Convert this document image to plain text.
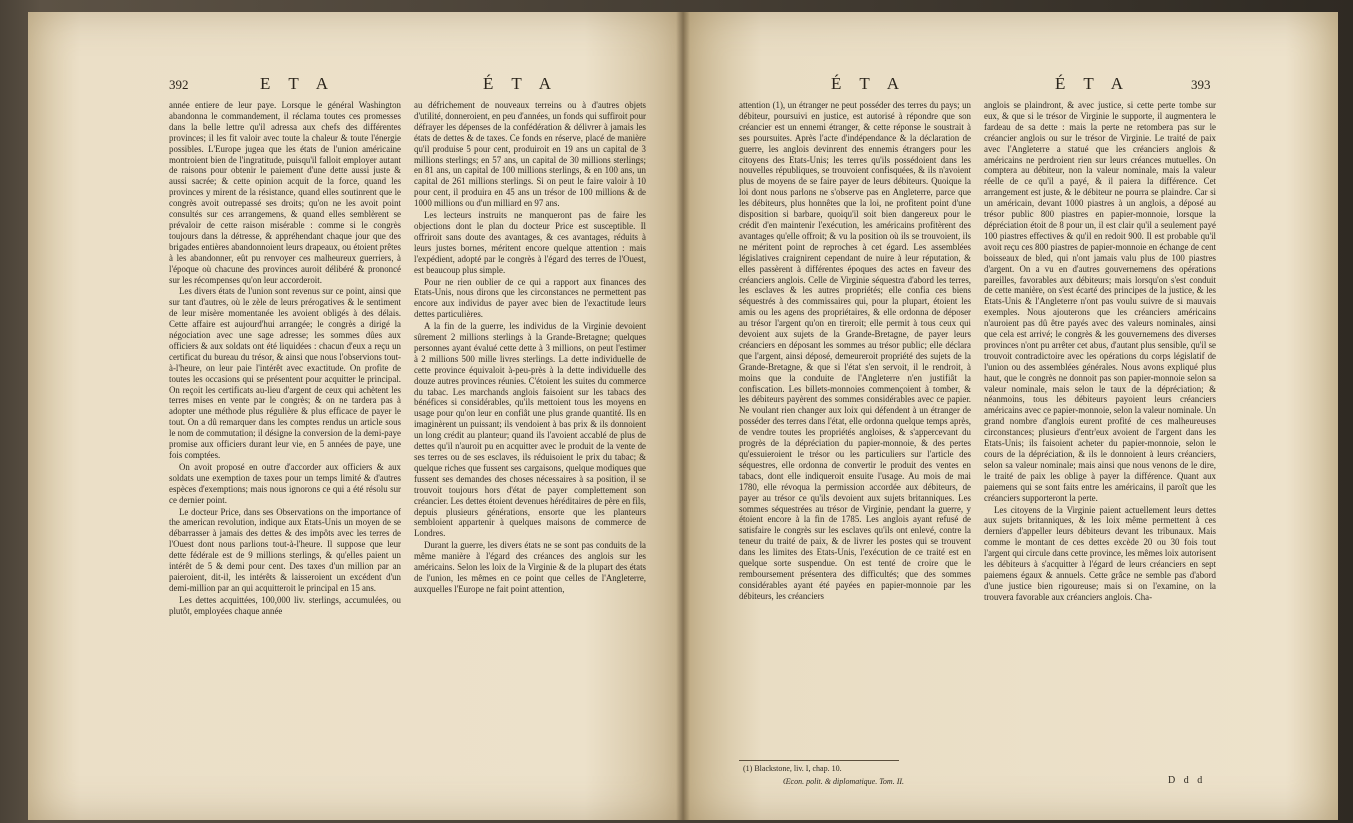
392	E T A	É T A

année entiere de leur paye. Lorsque le général Washington abandonna le commandement, il réclama toutes ces promesses dans la belle lettre qu'il adressa aux chefs des différentes provinces; il les fit valoir avec toute la chaleur & toute l'énergie possibles. L'Europe jugea que les états de l'union américaine montroient bien de l'ingratitude, puisqu'il falloit employer autant de raisons pour obtenir le paiement d'une dette aussi juste & aussi sacrée; & cette opinion acquit de la force, quand les provinces y mirent de la résistance, quand elles soutinrent que le congrès avoit outrepassé ses droits; qu'on ne les avoit point consultés sur ces arrangemens, & quand elles semblèrent se prévaloir de cette raison misérable : comme si le congrès toujours dans la détresse, & appréhendant chaque jour que des brigades entières abandonnoient leurs drapeaux, ou étoient prêtes à les abandonner, eût pu renvoyer ces malheureux guerriers, à l'époque où chacune des provinces auroit délibéré & prononcé sur les récompenses qu'on leur accorderoit.

Les divers états de l'union sont revenus sur ce point, ainsi que sur tant d'autres, où le zèle de leurs prérogatives & le sentiment de leur misère momentanée les avoient obligés à des délais. Cette affaire est aujourd'hui arrangée; le congrès a dirigé la négociation avec une sage adresse; les sommes dûes aux officiers & aux soldats ont été liquidées : chacun d'eux a reçu un certificat du bureau du trésor, & ainsi que nous l'observions tout-à-l'heure, on leur paie l'intérêt avec exactitude. On profite de toutes les occasions qui se présentent pour acquitter le principal. On reçoit les certificats au-lieu d'argent de ceux qui achètent les terres mises en vente par le congrès; & on ne tardera pas à adopter une méthode plus régulière & plus efficace de payer le tout. On a dû remarquer dans les comptes rendus un article sous le nom de commutation; il désigne la conversion de la demi-paye promise aux officiers durant leur vie, en 5 années de paye, une fois comptées.

On avoit proposé en outre d'accorder aux officiers & aux soldats une exemption de taxes pour un temps limité & d'autres espèces d'exemptions; mais nous ignorons ce qui a été résolu sur ce dernier point.

Le docteur Price, dans ses Observations on the importance of the american revolution, indique aux Etats-Unis un moyen de se débarrasser à jamais des dettes & des impôts avec les terres de l'Ouest dont nous parlions tout-à-l'heure. Il suppose que leur dette fédérale est de 9 millions sterlings, & qu'elles paient un intérêt de 5 & demi pour cent. Des taxes d'un million par an paieroient, dit-il, les intérêts & laisseroient un excédent d'un demi-million par an qui acquitteroit le principal en 15 ans.

Les dettes acquittées, 100,000 liv. sterlings, accumulées, ou plutôt, employées chaque année

au défrichement de nouveaux terreins ou à d'autres objets d'utilité, donneroient, en peu d'années, un fonds qui suffiroit pour défrayer les dépenses de la confédération & délivrer à jamais les états de dettes & de taxes. Ce fonds en réserve, placé de manière qu'il produise 5 pour cent, produiroit en 19 ans un capital de 3 millions sterlings; en 57 ans, un capital de 30 millions sterlings; en 81 ans, un capital de 100 millions sterlings, & en 100 ans, un capital de 261 millions sterlings. Si on peut le faire valoir à 10 pour cent, il produira en 45 ans un trésor de 100 millions & de 1000 millions ou d'un milliard en 97 ans.

Les lecteurs instruits ne manqueront pas de faire les objections dont le plan du docteur Price est susceptible. Il offriroit sans doute des avantages, & ces avantages, réduits à leurs justes bornes, méritent encore quelque attention : mais l'expédient, adopté par le congrès à l'égard des terres de l'Ouest, est beaucoup plus simple.

Pour ne rien oublier de ce qui a rapport aux finances des Etats-Unis, nous dirons que les circonstances ne permettent pas encore aux individus de payer avec bien de l'exactitude leurs dettes particulières.

A la fin de la guerre, les individus de la Virginie devoient sûrement 2 millions sterlings à la Grande-Bretagne; quelques personnes ayant évalué cette dette à 3 millions, on peut l'estimer à 2 millions 500 mille livres sterlings. La dette individuelle de cette province équivaloit à-peu-près à la dette individuelle des douze autres provinces réunies. C'étoient les suites du commerce du tabac. Les marchands anglois faisoient sur les tabacs des bénéfices si considérables, qu'ils mettoient tous les moyens en usage pour qu'on leur en confiât une plus grande quantité. Ils en imaginèrent un puissant; ils vendoient à bas prix & ils donnoient un long crédit au planteur; quand ils l'avoient accablé de plus de dettes qu'il n'auroit pu en acquitter avec le produit de la vente de ses terres ou de ses esclaves, ils réduisoient le prix du tabac; & quelque riches que fussent ses cargaisons, quelque modiques que fussent ses demandes des choses nécessaires à sa position, il se trouvoit toujours hors d'état de payer complettement son créancier. Les dettes étoient devenues héréditaires de père en fils, depuis plusieurs générations, ensorte que les planteurs sembloient appartenir à quelques maisons de commerce de Londres.

Durant la guerre, les divers états ne se sont pas conduits de la même manière à l'égard des créances des anglois sur les américains. Selon les loix de la Virginie & de la plupart des états de l'union, les mêmes en ce point que celles de l'Angleterre, auxquelles l'Europe ne fait point attention,

É T A	É T A	393

attention (1), un étranger ne peut posséder des terres du pays; un débiteur, poursuivi en justice, est autorisé à répondre que son créancier est un ennemi étranger, & cette réponse le soustrait à ses poursuites. Après l'acte d'indépendance & la déclaration de guerre, les anglois devinrent des ennemis étrangers pour les citoyens des Etats-Unis; les terres qu'ils possédoient dans les nouvelles républiques, se trouvoient confisquées, & ils n'avoient plus de moyens de se faire payer de leurs débiteurs. Quoique la loi dont nous parlons ne s'observe pas en Angleterre, parce que les débiteurs, plus honnêtes que la loi, ne profitent point d'une disposition si barbare, quoiqu'il soit bien dangereux pour le crédit d'en maintenir l'exécution, les américains profitèrent des avantages qu'elle offroit; & vu la position où ils se trouvoient, ils ne méritent point de reproches à cet égard. Les assemblées législatives craignirent cependant de nuire à leur réputation, & elles passèrent à différentes époques des actes en faveur des créanciers anglois. Celle de Virginie séquestra d'abord les terres, les esclaves & les autres propriétés; elle confia ces biens séquestrés à des commissaires qui, pour la plupart, étoient les amis ou les agens des propriétaires, & elle ordonna de déposer au trésor l'argent qu'on en tireroit; elle permit à tous ceux qui devoient aux sujets de la Grande-Bretagne, de payer leurs créanciers en déposant les sommes au trésor public; elle déclara que l'argent, ainsi déposé, demeureroit propriété des sujets de la Grande-Bretagne, & que si l'état s'en servoit, il le rendroit, à moins que la conduite de l'Angleterre n'en justifiât la confiscation. Les billets-monnoies commençoient à tomber, & les débiteurs payèrent des sommes considérables avec ce papier. Ne voulant rien changer aux loix qui défendent à un étranger de posséder des terres dans l'état, elle ordonna quelque temps après, de vendre toutes les propriétés angloises, & s'appercevant du progrès de la dépréciation du papier-monnoie, & des pertes qu'essuieroient le trésor ou les particuliers sur l'article des séquestres, elle ordonna de convertir le produit des ventes en tabacs, dont elle indiqueroit ensuite l'usage. Au mois de mai 1780, elle révoqua la permission accordée aux débiteurs, de payer au trésor ce qu'ils devoient aux sujets britanniques. Les sommes séquestrées au trésor de Virginie, pendant la guerre, y étoient encore à la fin de 1785. Les anglois ayant refusé de satisfaire le congrès sur les esclaves qu'ils ont enlevé, contre la teneur du traité de paix, & de livrer les postes qui se trouvent dans les limites des Etats-Unis, l'exécution de ce traité est en quelque sorte suspendue. On est tenté de croire que le remboursement présentera des difficultés; que des sommes considérables ayant été payées en papier-monnoie par les débiteurs, les créanciers

anglois se plaindront, & avec justice, si cette perte tombe sur eux, & que si le trésor de Virginie le supporte, il augmentera le fardeau de sa dette : mais la perte ne retombera pas sur le créancier anglois ou sur le trésor de Virginie. Le traité de paix avec l'Angleterre a statué que les créanciers anglois & américains ne perdroient rien sur leurs créances mutuelles. On comptera au débiteur, non la valeur nominale, mais la valeur réelle de ce qu'il a payé, & il paiera la différence. Cet arrangement est juste, & le débiteur ne pourra se plaindre. Car si un américain, devant 1000 piastres à un anglois, a déposé au trésor public 800 piastres en papier-monnoie, lorsque la dépréciation étoit de 8 pour un, il est clair qu'il a seulement payé 100 piastres effectives & qu'il en redoit 900. Il est probable qu'il avoit reçu ces 800 piastres de papier-monnoie en échange de cent boisseaux de bled, qui n'ont jamais valu plus de 100 piastres d'argent. On a vu en d'autres gouvernemens des opérations pareilles, favorables aux débiteurs; mais lorsqu'on s'est conduit de cette manière, on s'est écarté des principes de la justice, & les Etats-Unis & l'Angleterre n'ont pas voulu suivre de si mauvais exemples. Nous ajouterons que les créanciers américains n'auroient pas dû être payés avec des valeurs nominales, ainsi que cela est arrivé; le congrès & les gouvernemens des diverses provinces n'ont pu arrêter cet abus, d'autant plus sensible, qu'il se trouvoit contradictoire avec les opérations du corps législatif de l'union ou des assemblées générales. Nous avons expliqué plus haut, que le congrès ne donnoit pas son papier-monnoie selon sa valeur nominale, mais selon le taux de la dépréciation; & néanmoins, tous les débiteurs payoient leurs créanciers américains avec ce papier-monnoie, selon la valeur nominale. Un grand nombre d'anglois eurent profité de ces malheureuses circonstances; plusieurs d'entr'eux avoient de l'argent dans les Etats-Unis; ils faisoient acheter du papier-monnoie, selon le cours de la dépréciation, & ils le donnoient à leurs créanciers, selon sa valeur nominale; mais ainsi que nous venons de le dire, le traité de paix les oblige à payer la différence. Quant aux paiemens qui se sont faits entre les américains, il paroît que les créanciers supporteront la perte.

Les citoyens de la Virginie paient actuellement leurs dettes aux sujets britanniques, & les loix même permettent à ces derniers d'appeller leurs débiteurs devant les tribunaux. Mais comme le montant de ces dettes excède 20 ou 30 fois tout l'argent qui circule dans cette province, les mêmes loix autorisent les débiteurs à s'acquitter à l'égard de leurs créanciers en sept paiemens égaux & annuels. Cette grâce ne semble pas d'abord d'une justice bien rigoureuse; mais si on l'examine, on la trouvera favorable aux créanciers anglois. Cha-

(1) Blackstone, liv. I, chap. 10.
Œcon. polit. & diplomatique. Tom. II.	D d d
